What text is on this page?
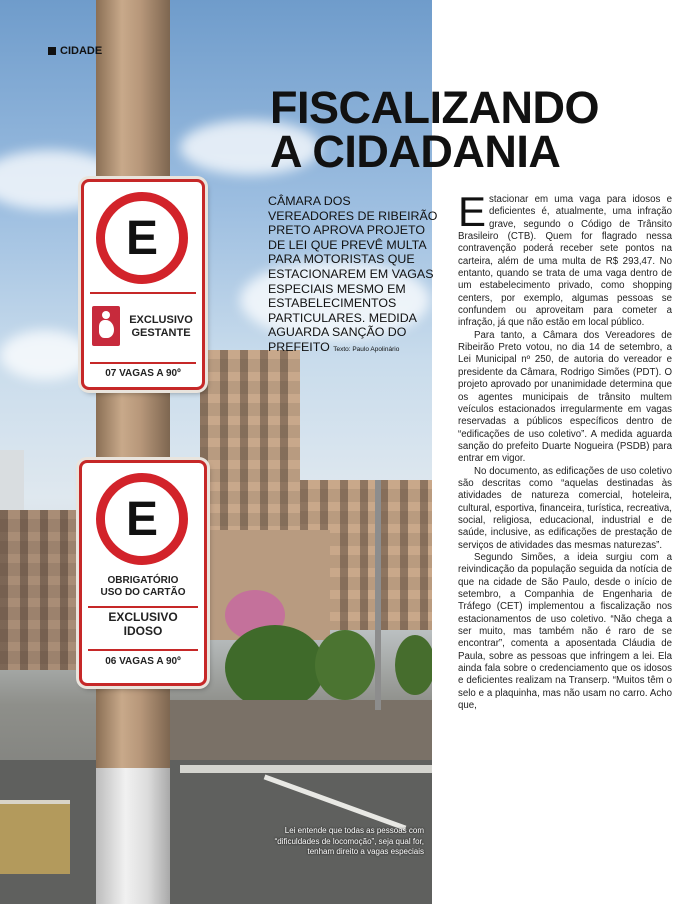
E
EXCLUSIVO
GESTANTE
07 VAGAS A 90º
E
OBRIGATÓRIO
USO DO CARTÃO
EXCLUSIVO
IDOSO
06 VAGAS A 90º

Lei entende que todas as pessoas com “dificuldades de locomoção”, seja qual for, tenham direito a vagas especiais

CIDADE
FISCALIZANDO
A CIDADANIA

CÂMARA DOS VEREADORES DE RIBEIRÃO PRETO APROVA PROJETO DE LEI QUE PREVÊ MULTA PARA MOTORISTAS QUE ESTACIONAREM EM VAGAS ESPECIAIS MESMO EM ESTABELECIMENTOS PARTICULARES. MEDIDA AGUARDA SANÇÃO DO PREFEITO Texto: Paulo Apolinário

Estacionar em uma vaga para idosos e deficientes é, atualmente, uma infração grave, segundo o Código de Trânsito Brasileiro (CTB). Quem for flagrado nessa contravenção poderá receber sete pontos na carteira, além de uma multa de R$ 293,47. No entanto, quando se trata de uma vaga dentro de um estabelecimento privado, como shopping centers, por exemplo, algumas pessoas se confundem ou aproveitam para cometer a infração, já que não estão em local público.

Para tanto, a Câmara dos Vereadores de Ribeirão Preto votou, no dia 14 de setembro, a Lei Municipal nº 250, de autoria do vereador e presidente da Câmara, Rodrigo Simões (PDT). O projeto aprovado por unanimidade determina que os agentes municipais de trânsito multem veículos estacionados irregularmente em vagas reservadas a públicos específicos dentro de “edificações de uso coletivo”. A medida aguarda sanção do prefeito Duarte Nogueira (PSDB) para entrar em vigor.

No documento, as edificações de uso coletivo são descritas como “aquelas destinadas às atividades de natureza comercial, hoteleira, cultural, esportiva, financeira, turística, recreativa, social, religiosa, educacional, industrial e de saúde, inclusive, as edificações de prestação de serviços de atividades das mesmas naturezas”.

Segundo Simões, a ideia surgiu com a reivindicação da população seguida da notícia de que na cidade de São Paulo, desde o início de setembro, a Companhia de Engenharia de Tráfego (CET) implementou a fiscalização nos estacionamentos de uso coletivo. “Não chega a ser muito, mas também não é raro de se encontrar”, comenta a aposentada Cláudia de Paula, sobre as pessoas que infringem a lei. Ela ainda fala sobre o credenciamento que os idosos e deficientes realizam na Transerp. “Muitos têm o selo e a plaquinha, mas não usam no carro. Acho que,
